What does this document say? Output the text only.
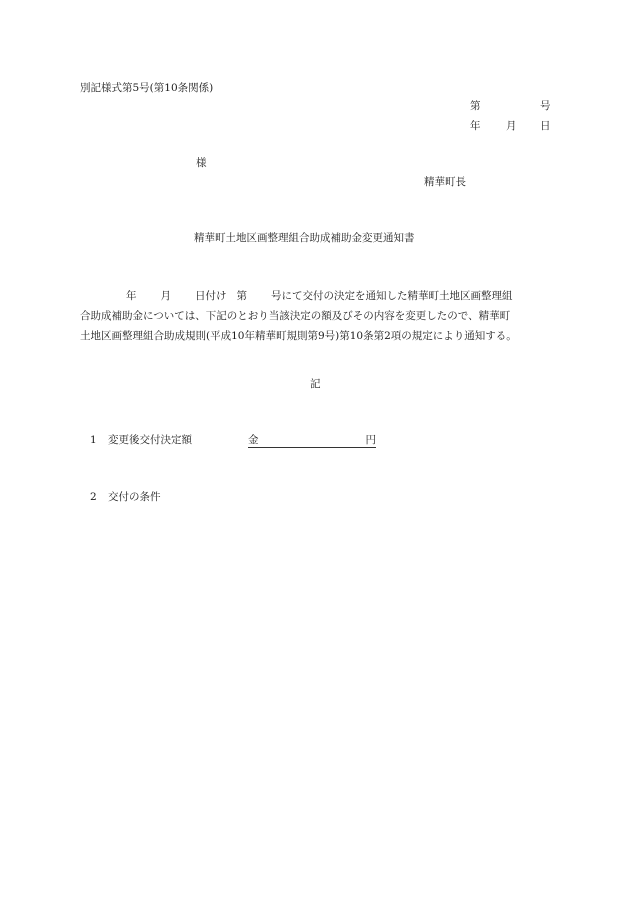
別記様式第5号(第10条関係)
第	号
年 月 日
様
精華町長
精華町土地区画整理組合助成補助金変更通知書
年 月 日付け 第 号にて交付の決定を通知した精華町土地区画整理組
合助成補助金については、下記のとおり当該決定の額及びその内容を変更したので、精華町
土地区画整理組合助成規則(平成10年精華町規則第9号)第10条第2項の規定により通知する。
記
1 変更後交付決定額	金	円
2 交付の条件
